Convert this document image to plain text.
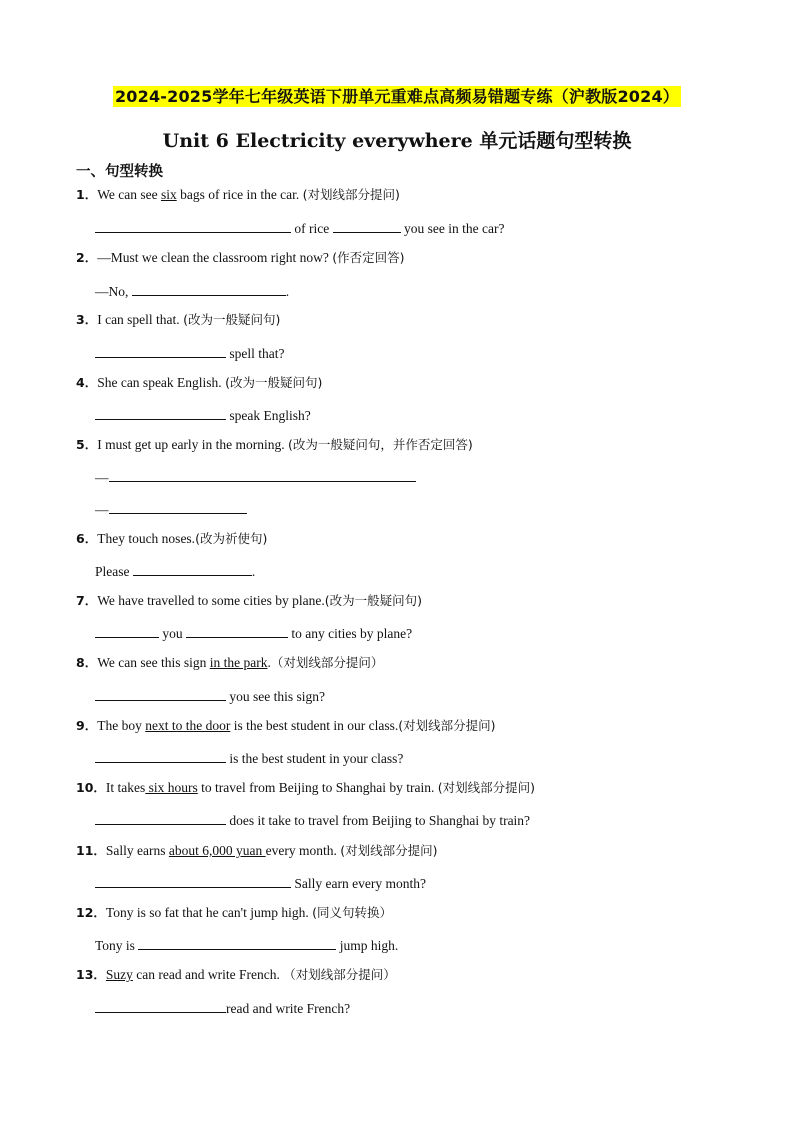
2024-2025学年七年级英语下册单元重难点高频易错题专练（沪教版2024）
Unit 6 Electricity everywhere 单元话题句型转换
一、句型转换
1．We can see six bags of rice in the car. (对划线部分提问)
of rice	you see in the car?
2．—Must we clean the classroom right now? (作否定回答)
—No,	.
3．I can spell that. (改为一般疑问句)
spell that?
4．She can speak English. (改为一般疑问句)
speak English?
5．I must get up early in the morning. (改为一般疑问句，并作否定回答)
—
—
6．They touch noses.(改为祈使句)
Please	.
7．We have travelled to some cities by plane.(改为一般疑问句)
you	to any cities by plane?
8．We can see this sign in the park.（对划线部分提问）
you see this sign?
9．The boy next to the door is the best student in our class.(对划线部分提问)
is the best student in your class?
10．It takes six hours to travel from Beijing to Shanghai by train. (对划线部分提问)
does it take to travel from Beijing to Shanghai by train?
11．Sally earns about 6,000 yuan every month. (对划线部分提问)
Sally earn every month?
12．Tony is so fat that he can't jump high. (同义句转换）
Tony is	jump high.
13．Suzy can read and write French. （对划线部分提问）
read and write French?
